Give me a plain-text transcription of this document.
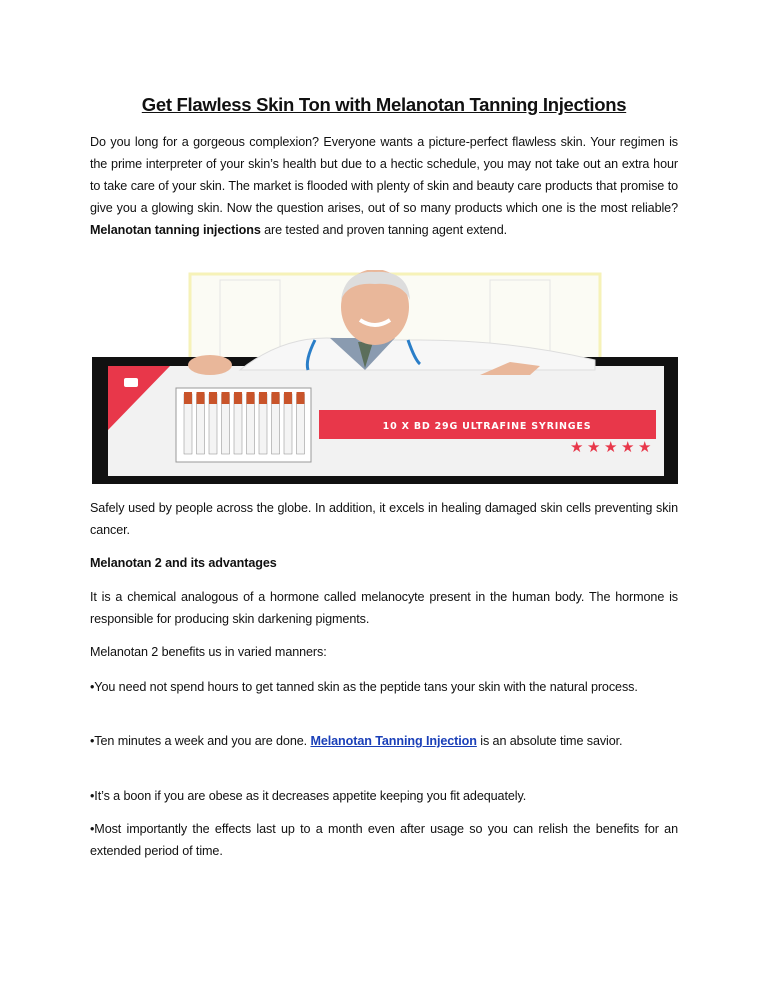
Get Flawless Skin Ton with Melanotan Tanning Injections
Do you long for a gorgeous complexion? Everyone wants a picture-perfect flawless skin. Your regimen is the prime interpreter of your skin’s health but due to a hectic schedule, you may not take out an extra hour to take care of your skin. The market is flooded with plenty of skin and beauty care products that promise to give you a glowing skin. Now the question arises, out of so many products which one is the most reliable? Melanotan tanning injections are tested and proven tanning agent extend.
10 X BD 29G ULTRAFINE SYRINGES
★ ★ ★ ★ ★
Safely used by people across the globe. In addition, it excels in healing damaged skin cells preventing skin cancer.
Melanotan 2 and its advantages
It is a chemical analogous of a hormone called melanocyte present in the human body. The hormone is responsible for producing skin darkening pigments.
Melanotan 2 benefits us in varied manners:
•You need not spend hours to get tanned skin as the peptide tans your skin with the natural process.
•Ten minutes a week and you are done. Melanotan Tanning Injection is an absolute time savior.
•It’s a boon if you are obese as it decreases appetite keeping you fit adequately.
•Most importantly the effects last up to a month even after usage so you can relish the benefits for an extended period of time.
